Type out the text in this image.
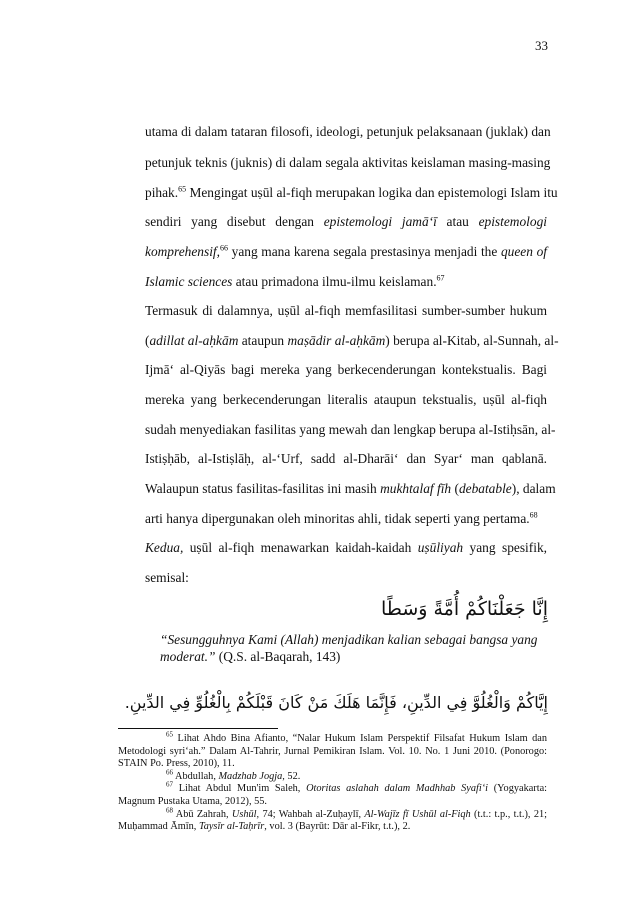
33
utama di dalam tataran filosofi, ideologi, petunjuk pelaksanaan (juklak) dan
petunjuk teknis (juknis) di dalam segala aktivitas keislaman masing-masing
pihak.$^{65}$ Mengingat uṣūl al-fiqh merupakan logika dan epistemologi Islam itu
sendiri yang disebut dengan epistemologi jamā‘ī atau epistemologi
komprehensif,$^{66}$ yang mana karena segala prestasinya menjadi the queen of
Islamic sciences atau primadona ilmu-ilmu keislaman.$^{67}$
Termasuk di dalamnya, uṣūl al-fiqh memfasilitasi sumber-sumber hukum
(adillat al-aḥkām ataupun maṣādir al-aḥkām) berupa al-Kitab, al-Sunnah, al-
Ijmā‘ al-Qiyās bagi mereka yang berkecenderungan kontekstualis. Bagi
mereka yang berkecenderungan literalis ataupun tekstualis, uṣūl al-fiqh
sudah menyediakan fasilitas yang mewah dan lengkap berupa al-Istiḥsān, al-
Istiṣḥāb, al-Istiṣlāḥ, al-‘Urf, sadd al-Dharāi‘ dan Syar‘ man qablanā.
Walaupun status fasilitas-fasilitas ini masih mukhtalaf fīh (debatable), dalam
arti hanya dipergunakan oleh minoritas ahli, tidak seperti yang pertama.$^{68}$
Kedua, uṣūl al-fiqh menawarkan kaidah-kaidah uṣūliyah yang spesifik,
semisal:
إِنَّا جَعَلْنَاكُمْ أُمَّةً وَسَطًا
“Sesungguhnya Kami (Allah) menjadikan kalian sebagai bangsa yang moderat.” (Q.S. al-Baqarah, 143)
إِيَّاكُمْ وَالْغُلُوَّ فِي الدِّينِ، فَإِنَّمَا هَلَكَ مَنْ كَانَ قَبْلَكُمْ بِالْغُلُوِّ فِي الدِّينِ.

$^{65}$ Lihat Ahdo Bina Afianto, “Nalar Hukum Islam Perspektif Filsafat Hukum Islam dan Metodologi syri‘ah.” Dalam Al-Tahrir, Jurnal Pemikiran Islam. Vol. 10. No. 1 Juni 2010. (Ponorogo: STAIN Po. Press, 2010), 11.

$^{66}$ Abdullah, Madzhab Jogja, 52.

$^{67}$ Lihat Abdul Mun'im Saleh, Otoritas aslahah dalam Madhhab Syafi‘i (Yogyakarta: Magnum Pustaka Utama, 2012), 55.

$^{68}$ Abū Zahrah, Ushūl, 74; Wahbah al-Zuḥaylī, Al-Wajīz fī Ushūl al-Fiqh (t.t.: t.p., t.t.), 21; Muḥammad Āmīn, Taysīr al-Taḥrīr, vol. 3 (Bayrūt: Dār al-Fikr, t.t.), 2.
